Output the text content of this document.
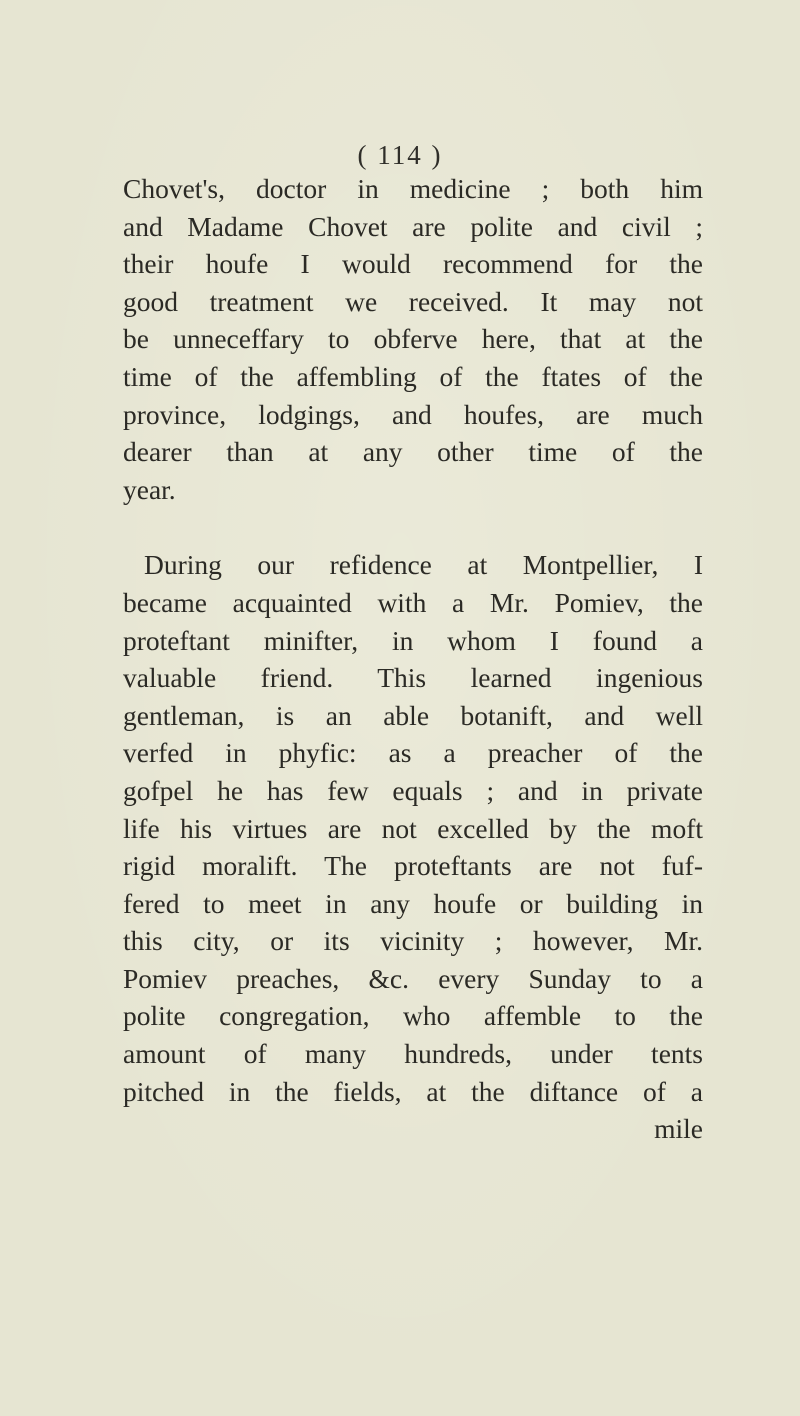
( 114 )
Chovet's, doctor in medicine ; both him
and Madame Chovet are polite and civil ;
their houfe I would recommend for the
good treatment we received. It may not
be unneceffary to obferve here, that at the
time of the affembling of the ftates of the
province, lodgings, and houfes, are much
dearer than at any other time of the
year.
During our refidence at Montpellier, I
became acquainted with a Mr. Pomiev, the
proteftant minifter, in whom I found a
valuable friend. This learned ingenious
gentleman, is an able botanift, and well
verfed in phyfic: as a preacher of the
gofpel he has few equals ; and in private
life his virtues are not excelled by the moft
rigid moralift. The proteftants are not fuf-
fered to meet in any houfe or building in
this city, or its vicinity ; however, Mr.
Pomiev preaches, &c. every Sunday to a
polite congregation, who affemble to the
amount of many hundreds, under tents
pitched in the fields, at the diftance of a
mile
